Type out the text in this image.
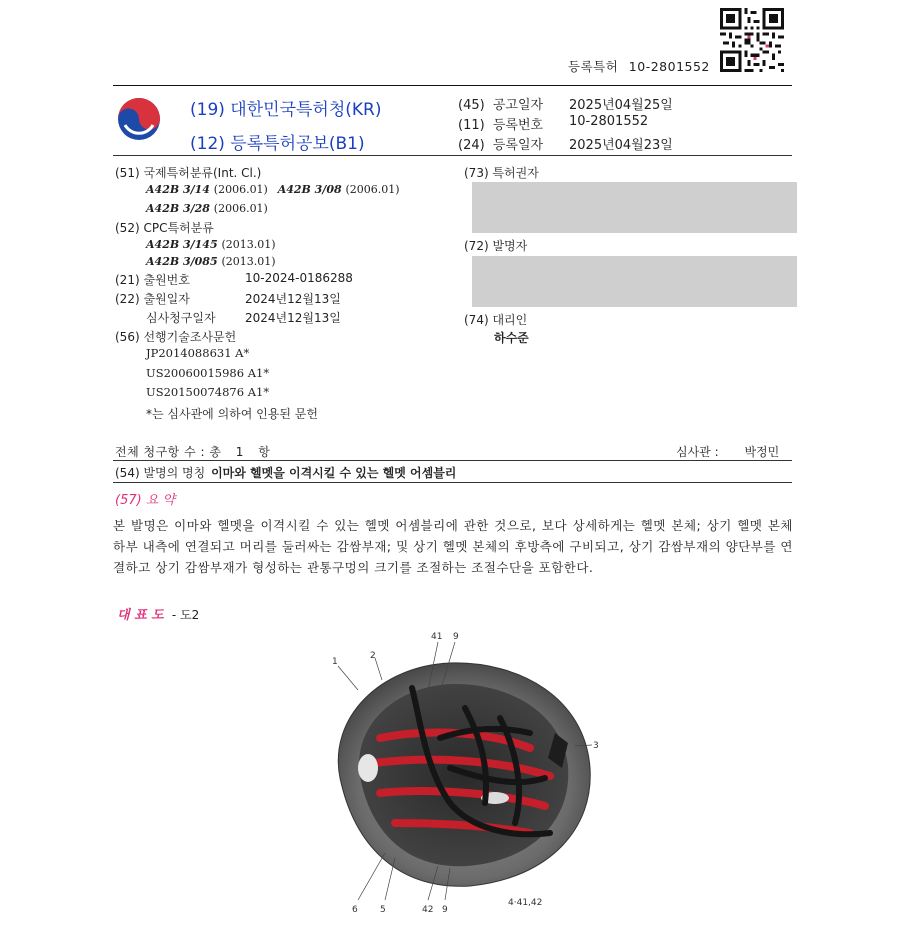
등록특허 10-2801552
(19) 대한민국특허청(KR)
(12) 등록특허공보(B1)
(45) 공고일자 2025년04월25일
(11) 등록번호 10-2801552
(24) 등록일자 2025년04월23일
(51) 국제특허분류(Int. Cl.)
A42B 3/14 (2006.01) A42B 3/08 (2006.01)
A42B 3/28 (2006.01)
(52) CPC특허분류
A42B 3/145 (2013.01)
A42B 3/085 (2013.01)
(21) 출원번호	10-2024-0186288
(22) 출원일자	2024년12월13일
심사청구일자 2024년12월13일
(56) 선행기술조사문헌
JP2014088631 A*
US20060015986 A1*
US20150074876 A1*
*는 심사관에 의하여 인용된 문헌
(73) 특허권자
(72) 발명자
(74) 대리인
하수준
전체 청구항 수 : 총 1 항	심사관 : 박정민
(54) 발명의 명칭 이마와 헬멧을 이격시킬 수 있는 헬멧 어셈블리
(57) 요 약
본 발명은 이마와 헬멧을 이격시킬 수 있는 헬멧 어셈블리에 관한 것으로, 보다 상세하게는 헬멧 본체; 상기 헬멧 본체 하부 내측에 연결되고 머리를 둘러싸는 감쌈부재; 및 상기 헬멧 본체의 후방측에 구비되고, 상기 감쌈부재의 양단부를 연결하고 상기 감쌈부재가 형성하는 관통구멍의 크기를 조절하는 조절수단을 포함한다.
대 표 도 - 도2
41 9
1
2
3
6 5	42 9
4·41,42
